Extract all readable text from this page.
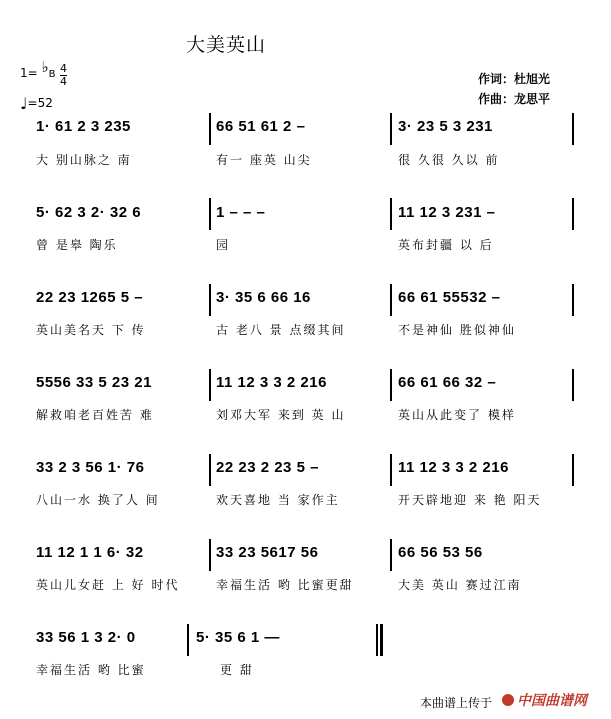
大美英山
作词：杜旭光
作曲：龙思平
1= ♭B 4
4
♩=52
1· 61 2 3 235
大 别山脉之 南
66 51 61 2 –
有一 座英 山尖
3· 23 5 3 231
很 久很 久以 前
5· 62 3 2· 32 6
曾 是皋 陶乐
1 – – –
园
11 12 3 231 –
英布封疆 以 后
22 23 1265 5 –
英山美名天 下 传
3· 35 6 66 16
古 老八 景 点缀其间
66 61 55532 –
不是神仙 胜似神仙
5556 33 5 23 21
解救咱老百姓苦 难
11 12 3 3 2 216
刘邓大军 来到 英 山
66 61 66 32 –
英山从此变了 模样
33 2 3 56 1· 76
八山一水 换了人 间
22 23 2 23 5 –
欢天喜地 当 家作主
11 12 3 3 2 216
开天辟地迎 来 艳 阳天
11 12 1 1 6· 32
英山儿女赶 上 好 时代
33 23 5617 56
幸福生活 哟 比蜜更甜
66 56 53 56
大美 英山 赛过江南
33 56 1 3 2· 0
幸福生活 哟 比蜜
5· 35 6 1 —
更 甜
本曲谱上传于	中国曲谱网
